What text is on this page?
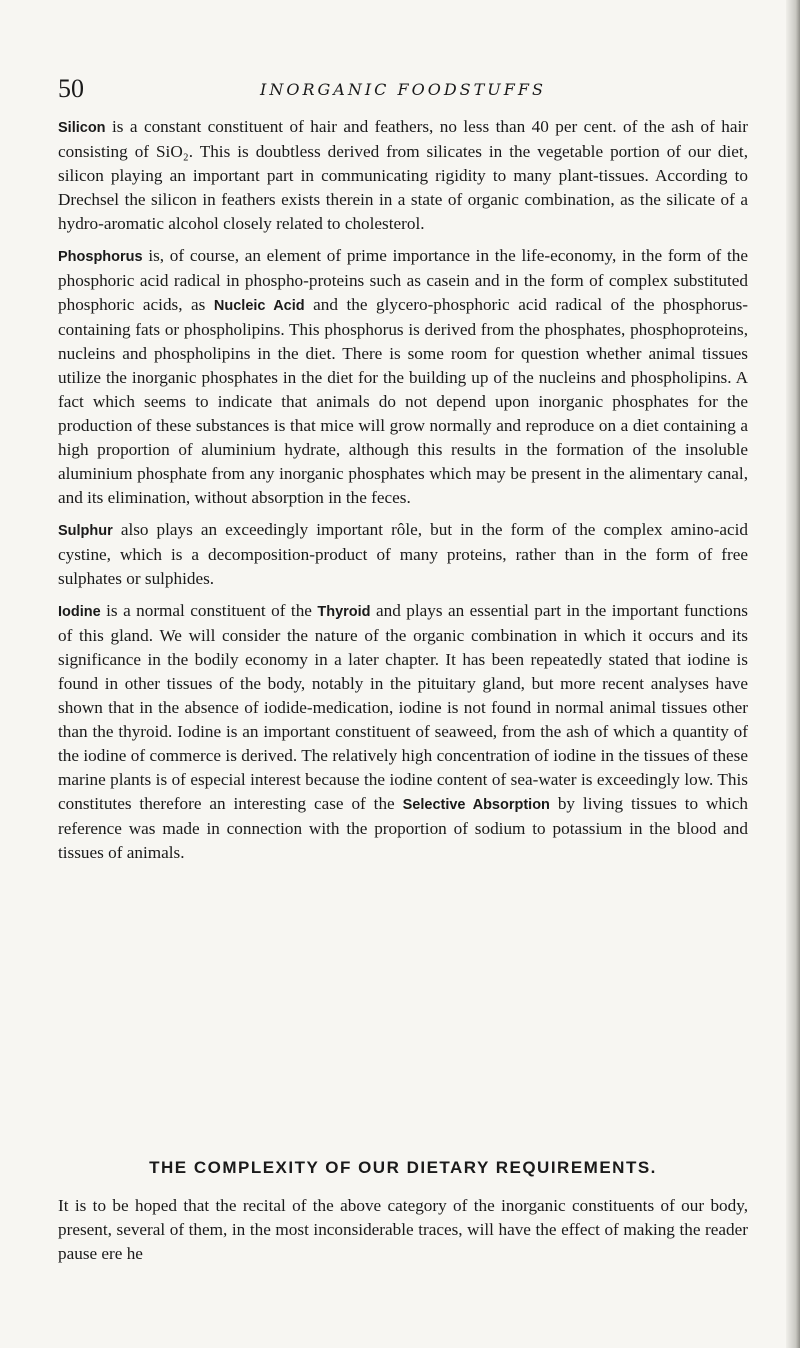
50	INORGANIC FOODSTUFFS

Silicon is a constant constituent of hair and feathers, no less than 40 per cent. of the ash of hair consisting of SiO₂. This is doubtless derived from silicates in the vegetable portion of our diet, silicon playing an important part in communicating rigidity to many plant-tissues. According to Drechsel the silicon in feathers exists therein in a state of organic combination, as the silicate of a hydro-aromatic alcohol closely related to cholesterol.

Phosphorus is, of course, an element of prime importance in the life-economy, in the form of the phosphoric acid radical in phospho-proteins such as casein and in the form of complex substituted phosphoric acids, as Nucleic Acid and the glycero-phosphoric acid radical of the phosphorus-containing fats or phospholipins. This phosphorus is derived from the phosphates, phosphoproteins, nucleins and phospholipins in the diet. There is some room for question whether animal tissues utilize the inorganic phosphates in the diet for the building up of the nucleins and phospholipins. A fact which seems to indicate that animals do not depend upon inorganic phosphates for the production of these substances is that mice will grow normally and reproduce on a diet containing a high proportion of aluminium hydrate, although this results in the formation of the insoluble aluminium phosphate from any inorganic phosphates which may be present in the alimentary canal, and its elimination, without absorption in the feces.

Sulphur also plays an exceedingly important rôle, but in the form of the complex amino-acid cystine, which is a decomposition-product of many proteins, rather than in the form of free sulphates or sulphides.

Iodine is a normal constituent of the Thyroid and plays an essential part in the important functions of this gland. We will consider the nature of the organic combination in which it occurs and its significance in the bodily economy in a later chapter. It has been repeatedly stated that iodine is found in other tissues of the body, notably in the pituitary gland, but more recent analyses have shown that in the absence of iodide-medication, iodine is not found in normal animal tissues other than the thyroid. Iodine is an important constituent of seaweed, from the ash of which a quantity of the iodine of commerce is derived. The relatively high concentration of iodine in the tissues of these marine plants is of especial interest because the iodine content of sea-water is exceedingly low. This constitutes therefore an interesting case of the Selective Absorption by living tissues to which reference was made in connection with the proportion of sodium to potassium in the blood and tissues of animals.

THE COMPLEXITY OF OUR DIETARY REQUIREMENTS.
It is to be hoped that the recital of the above category of the inorganic constituents of our body, present, several of them, in the most inconsiderable traces, will have the effect of making the reader pause ere he
